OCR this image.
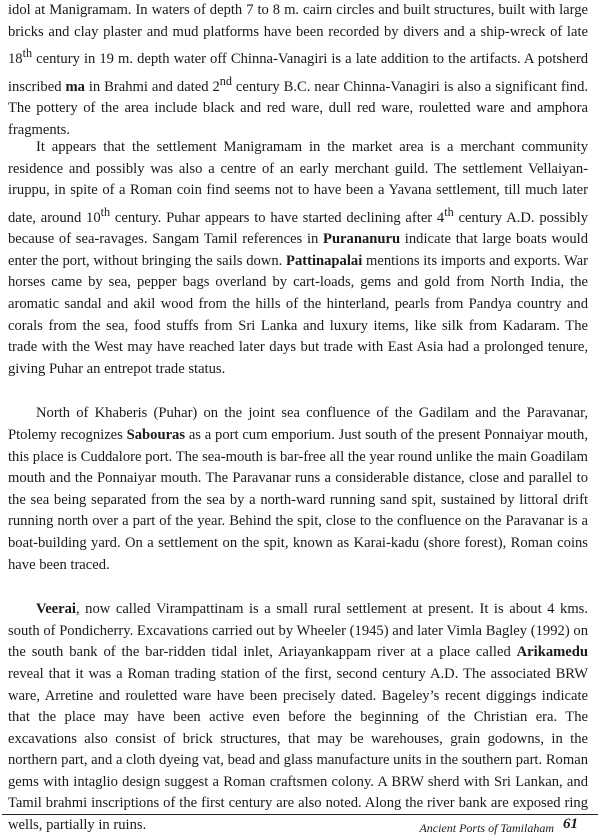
idol at Manigramam. In waters of depth 7 to 8 m. cairn circles and built structures, built with large bricks and clay plaster and mud platforms have been recorded by divers and a ship-wreck of late 18th century in 19 m. depth water off Chinna-Vanagiri is a late addition to the artifacts. A potsherd inscribed ma in Brahmi and dated 2nd century B.C. near Chinna-Vanagiri is also a significant find. The pottery of the area include black and red ware, dull red ware, rouletted ware and amphora fragments.

It appears that the settlement Manigramam in the market area is a merchant community residence and possibly was also a centre of an early merchant guild. The settlement Vellaiyan-iruppu, in spite of a Roman coin find seems not to have been a Yavana settlement, till much later date, around 10th century. Puhar appears to have started declining after 4th century A.D. possibly because of sea-ravages. Sangam Tamil references in Purananuru indicate that large boats would enter the port, without bringing the sails down. Pattinapalai mentions its imports and exports. War horses came by sea, pepper bags overland by cart-loads, gems and gold from North India, the aromatic sandal and akil wood from the hills of the hinterland, pearls from Pandya country and corals from the sea, food stuffs from Sri Lanka and luxury items, like silk from Kadaram. The trade with the West may have reached later days but trade with East Asia had a prolonged tenure, giving Puhar an entrepot trade status.

North of Khaberis (Puhar) on the joint sea confluence of the Gadilam and the Paravanar, Ptolemy recognizes Sabouras as a port cum emporium. Just south of the present Ponnaiyar mouth, this place is Cuddalore port. The sea-mouth is bar-free all the year round unlike the main Goadilam mouth and the Ponnaiyar mouth. The Paravanar runs a considerable distance, close and parallel to the sea being separated from the sea by a north-ward running sand spit, sustained by littoral drift running north over a part of the year. Behind the spit, close to the confluence on the Paravanar is a boat-building yard. On a settlement on the spit, known as Karai-kadu (shore forest), Roman coins have been traced.

Veerai, now called Virampattinam is a small rural settlement at present. It is about 4 kms. south of Pondicherry. Excavations carried out by Wheeler (1945) and later Vimla Bagley (1992) on the south bank of the bar-ridden tidal inlet, Ariayankappam river at a place called Arikamedu reveal that it was a Roman trading station of the first, second century A.D. The associated BRW ware, Arretine and rouletted ware have been precisely dated. Bageley’s recent diggings indicate that the place may have been active even before the beginning of the Christian era. The excavations also consist of brick structures, that may be warehouses, grain godowns, in the northern part, and a cloth dyeing vat, bead and glass manufacture units in the southern part. Roman gems with intaglio design suggest a Roman craftsmen colony. A BRW sherd with Sri Lankan, and Tamil brahmi inscriptions of the first century are also noted. Along the river bank are exposed ring wells, partially in ruins.	Ancient Ports of Tamilaham 61
